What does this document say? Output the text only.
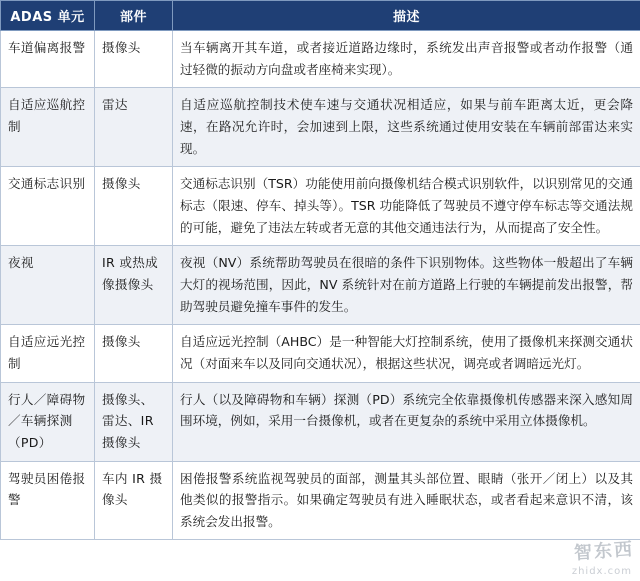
ADAS 单元	部件	描述
车道偏离报警	摄像头	当车辆离开其车道，或者接近道路边缘时，系统发出声音报警或者动作报警（通过轻微的振动方向盘或者座椅来实现）。
自适应巡航控制	雷达	自适应巡航控制技术使车速与交通状况相适应，如果与前车距离太近，更会降速，在路况允许时，会加速到上限，这些系统通过使用安装在车辆前部雷达来实现。
交通标志识别	摄像头	交通标志识别（TSR）功能使用前向摄像机结合模式识别软件，以识别常见的交通标志（限速、停车、掉头等）。TSR 功能降低了驾驶员不遵守停车标志等交通法规的可能，避免了违法左转或者无意的其他交通违法行为，从而提高了安全性。
夜视	IR 或热成像摄像头	夜视（NV）系统帮助驾驶员在很暗的条件下识别物体。这些物体一般超出了车辆大灯的视场范围，因此，NV 系统针对在前方道路上行驶的车辆提前发出报警，帮助驾驶员避免撞车事件的发生。
自适应远光控制	摄像头	自适应远光控制（AHBC）是一种智能大灯控制系统，使用了摄像机来探测交通状况（对面来车以及同向交通状况），根据这些状况，调亮或者调暗远光灯。
行人／障碍物／车辆探测（PD）	摄像头、雷达、IR 摄像头	行人（以及障碍物和车辆）探测（PD）系统完全依靠摄像机传感器来深入感知周围环境，例如，采用一台摄像机，或者在更复杂的系统中采用立体摄像机。
驾驶员困倦报警	车内 IR 摄像头	困倦报警系统监视驾驶员的面部，测量其头部位置、眼睛（张开／闭上）以及其他类似的报警指示。如果确定驾驶员有进入睡眠状态，或者看起来意识不清，该系统会发出报警。
智东西
zhidx.com
